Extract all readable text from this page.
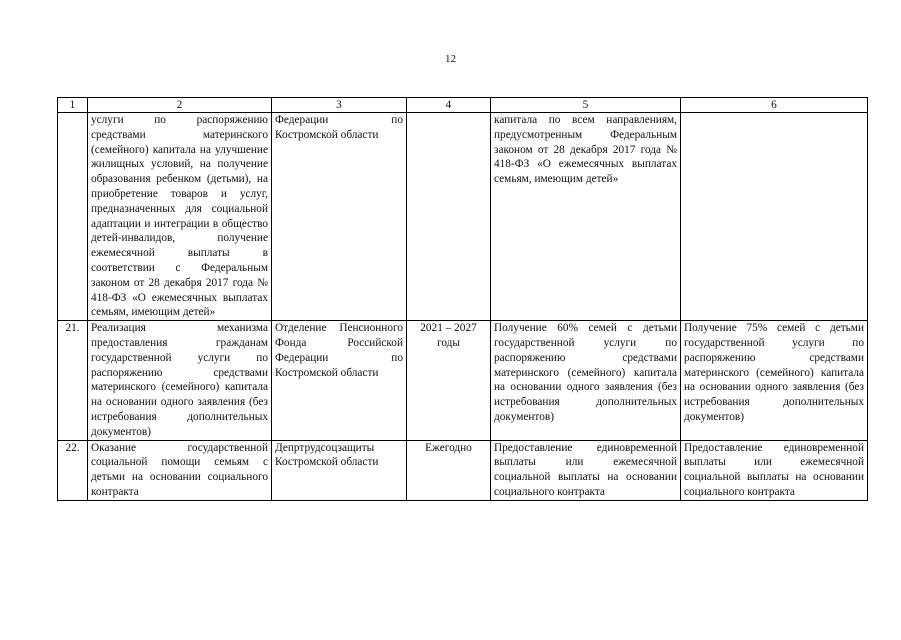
12
1	2	3	4	5	6
	услуги по распоряжению средствами материнского (семейного) капитала на улучшение жилищных условий, на получение образования ребенком (детьми), на приобретение товаров и услуг, предназначенных для социальной адаптации и интеграции в общество детей-инвалидов, получение ежемесячной выплаты в соответствии с Федеральным законом от 28 декабря 2017 года № 418-ФЗ «О ежемесячных выплатах семьям, имеющим детей»	Федерации по Костромской области		капитала по всем направлениям, предусмотренным Федеральным законом от 28 декабря 2017 года № 418-ФЗ «О ежемесячных выплатах семьям, имеющим детей»	
21.	Реализация механизма предоставления гражданам государственной услуги по распоряжению средствами материнского (семейного) капитала на основании одного заявления (без истребования дополнительных документов)	Отделение Пенсионного Фонда Российской Федерации по Костромской области	2021 – 2027 годы	Получение 60% семей с детьми государственной услуги по распоряжению средствами материнского (семейного) капитала на основании одного заявления (без истребования дополнительных документов)	Получение 75% семей с детьми государственной услуги по распоряжению средствами материнского (семейного) капитала на основании одного заявления (без истребования дополнительных документов)
22.	Оказание государственной социальной помощи семьям с детьми на основании социального контракта	Депртрудсоцзащиты Костромской области	Ежегодно	Предоставление единовременной выплаты или ежемесячной социальной выплаты на основании социального контракта	Предоставление единовременной выплаты или ежемесячной социальной выплаты на основании социального контракта
